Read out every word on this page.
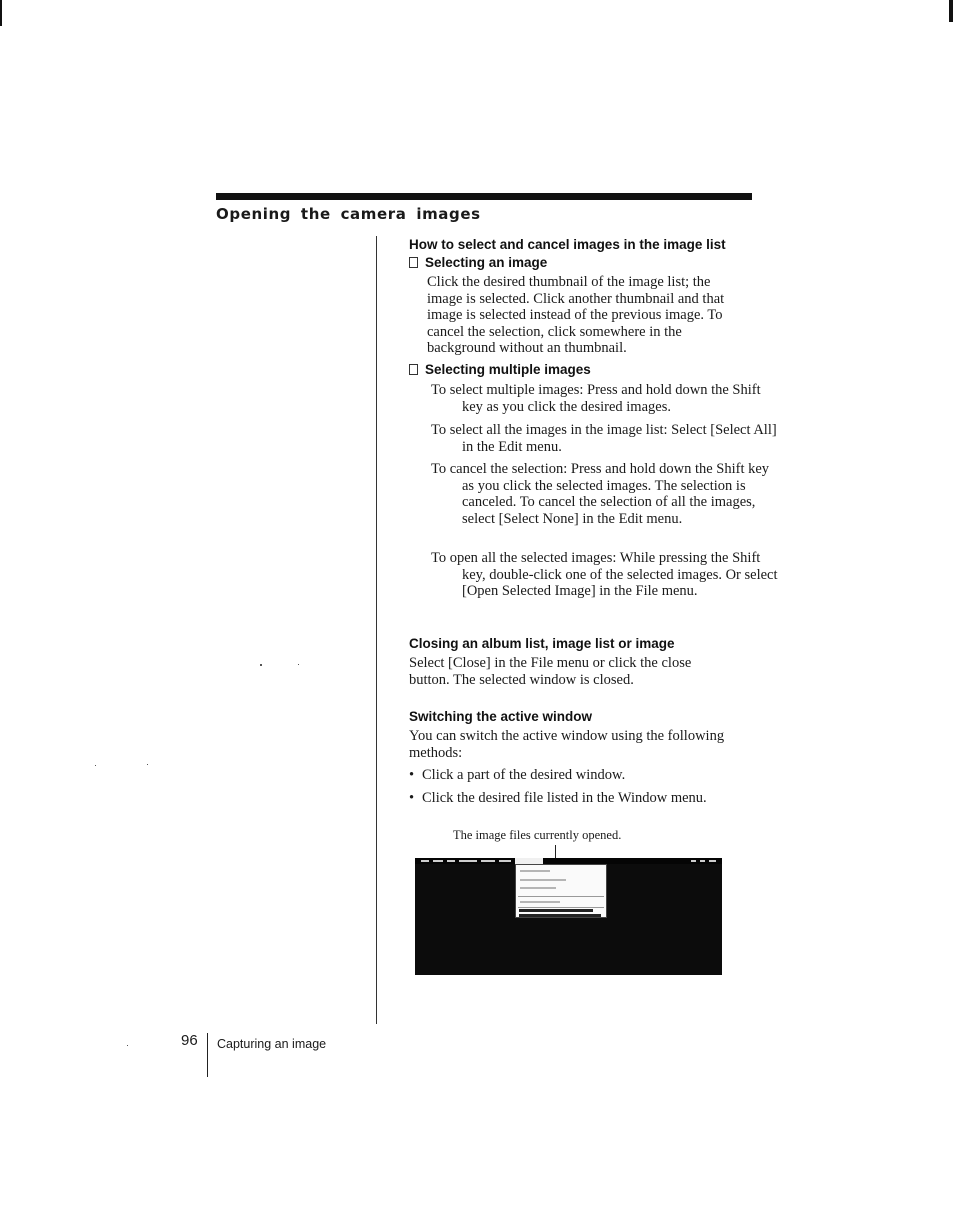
Opening the camera images
How to select and cancel images in the image list
Selecting an image
Click the desired thumbnail of the image list; the image is selected. Click another thumbnail and that image is selected instead of the previous image. To cancel the selection, click somewhere in the background without an thumbnail.
Selecting multiple images
To select multiple images: Press and hold down the Shift key as you click the desired images.
To select all the images in the image list: Select [Select All] in the Edit menu.
To cancel the selection: Press and hold down the Shift key as you click the selected images. The selection is canceled. To cancel the selection of all the images, select [Select None] in the Edit menu.
To open all the selected images: While pressing the Shift key, double-click one of the selected images. Or select [Open Selected Image] in the File menu.
Closing an album list, image list or image
Select [Close] in the File menu or click the close button. The selected window is closed.
Switching the active window
You can switch the active window using the following methods:
• Click a part of the desired window.
• Click the desired file listed in the Window menu.
The image files currently opened.
96 Capturing an image
